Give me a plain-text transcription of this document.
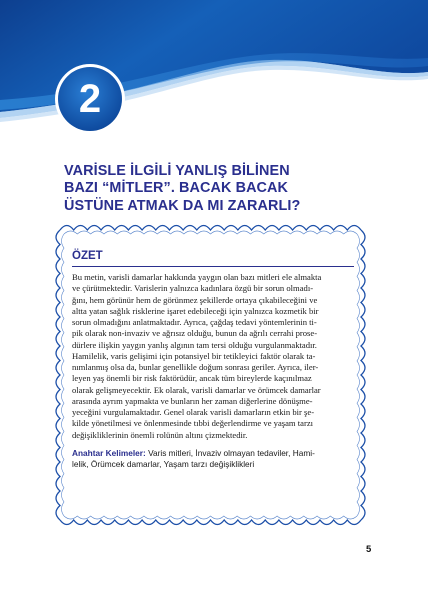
2
VARİSLE İLGİLİ YANLIŞ BİLİNEN
BAZI “MİTLER”. BACAK BACAK
ÜSTÜNE ATMAK DA MI ZARARLI?
ÖZET
Bu metin, varisli damarlar hakkında yaygın olan bazı mitleri ele almakta
ve çürütmektedir. Varislerin yalnızca kadınlara özgü bir sorun olmadı-
ğını, hem görünür hem de görünmez şekillerde ortaya çıkabileceğini ve
altta yatan sağlık risklerine işaret edebileceği için yalnızca kozmetik bir
sorun olmadığını anlatmaktadır. Ayrıca, çağdaş tedavi yöntemlerinin ti-
pik olarak non-invaziv ve ağrısız olduğu, bunun da ağrılı cerrahi prose-
dürlere ilişkin yaygın yanlış algının tam tersi olduğu vurgulanmaktadır.
Hamilelik, varis gelişimi için potansiyel bir tetikleyici faktör olarak ta-
nımlanmış olsa da, bunlar genellikle doğum sonrası geriler. Ayrıca, iler-
leyen yaş önemli bir risk faktörüdür, ancak tüm bireylerde kaçınılmaz
olarak gelişmeyecektir. Ek olarak, varisli damarlar ve örümcek damarlar
arasında ayrım yapmakta ve bunların her zaman diğerlerine dönüşme-
yeceğini vurgulamaktadır. Genel olarak varisli damarların etkin bir şe-
kilde yönetilmesi ve önlenmesinde tıbbi değerlendirme ve yaşam tarzı
değişikliklerinin önemli rolünün altını çizmektedir.
Anahtar Kelimeler: Varis mitleri, İnvaziv olmayan tedaviler, Hami-
lelik, Örümcek damarlar, Yaşam tarzı değişiklikleri
5
